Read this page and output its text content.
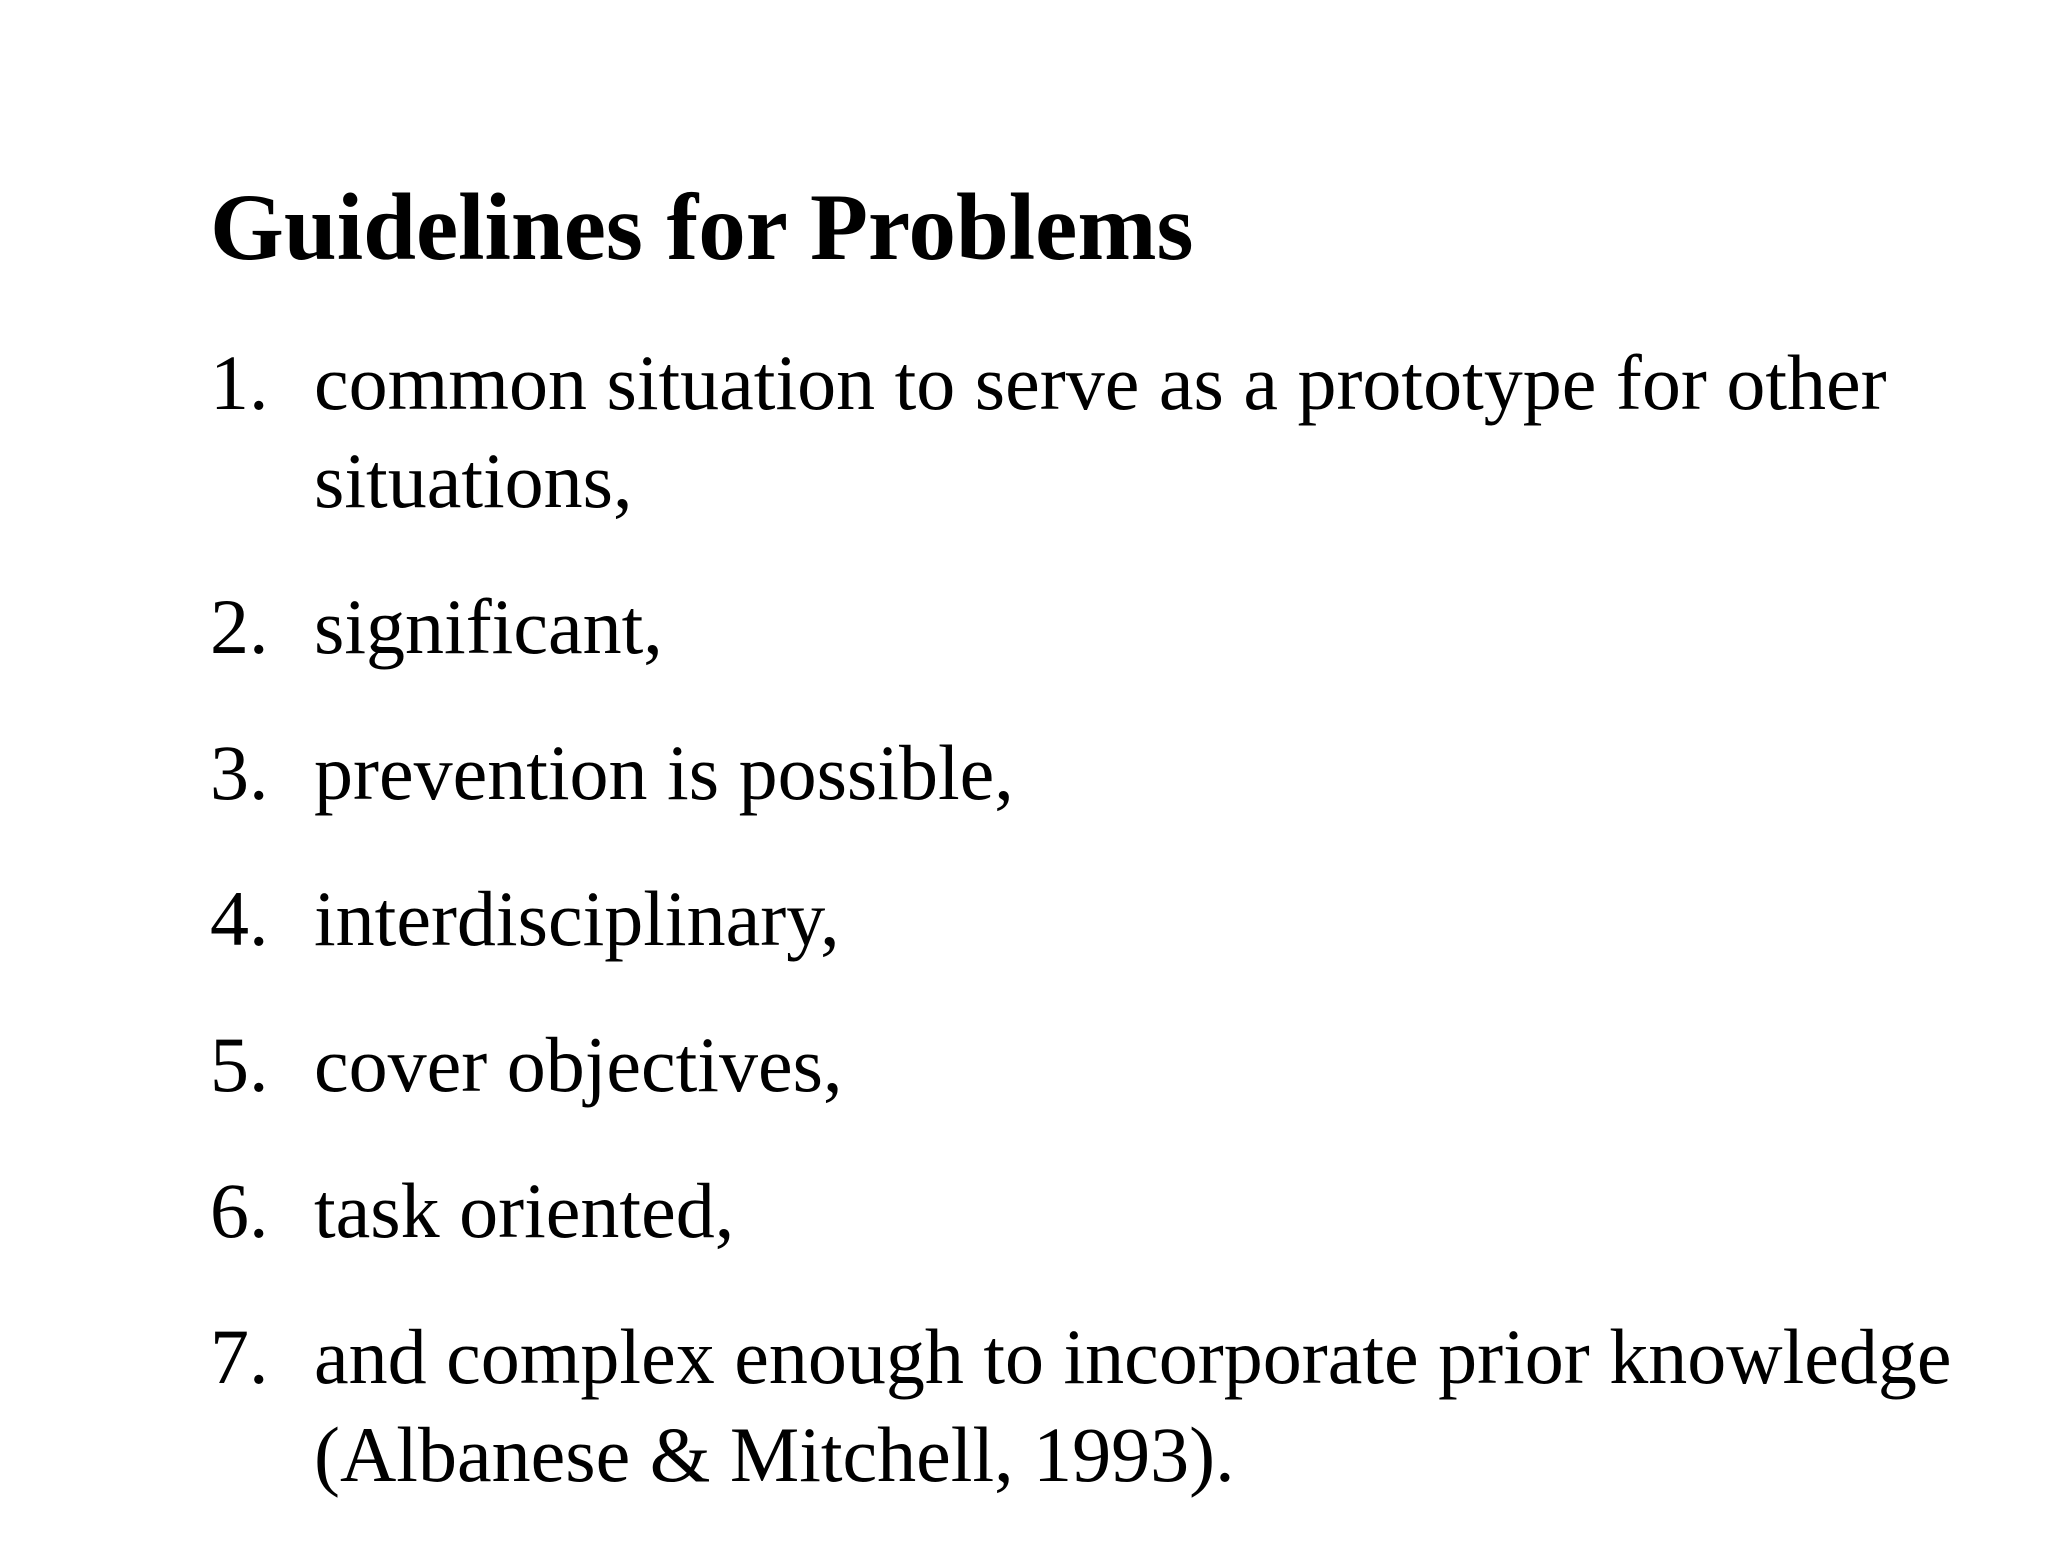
Guidelines for Problems
1. common situation to serve as a prototype for other situations,
2. significant,
3. prevention is possible,
4. interdisciplinary,
5. cover objectives,
6. task oriented,
7. and complex enough to incorporate prior knowledge (Albanese & Mitchell, 1993).
